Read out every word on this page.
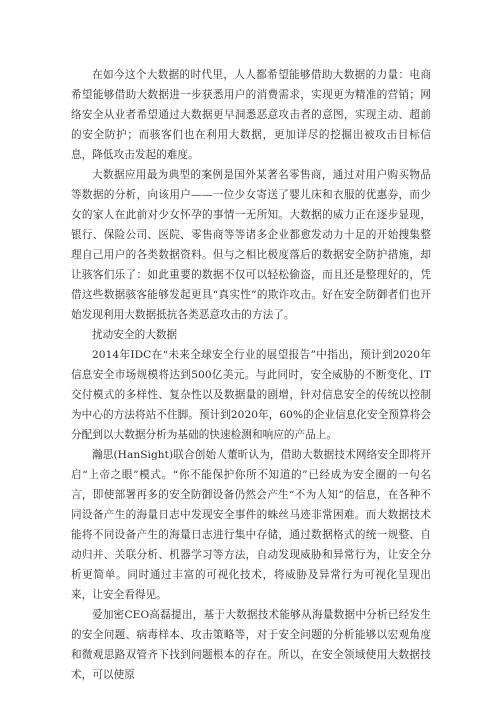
在如今这个大数据的时代里，人人都希望能够借助大数据的力量：电商希望能够借助大数据进一步获悉用户的消费需求，实现更为精准的营销；网络安全从业者希望通过大数据更早洞悉恶意攻击者的意图，实现主动、超前的安全防护；而骇客们也在利用大数据，更加详尽的挖掘出被攻击目标信息，降低攻击发起的难度。

大数据应用最为典型的案例是国外某著名零售商，通过对用户购买物品等数据的分析，向该用户——一位少女寄送了婴儿床和衣服的优惠券，而少女的家人在此前对少女怀孕的事情一无所知。大数据的威力正在逐步显现，银行、保险公司、医院、零售商等等诸多企业都愈发动力十足的开始搜集整理自己用户的各类数据资料。但与之相比极度落后的数据安全防护措施，却让骇客们乐了：如此重要的数据不仅可以轻松偷盗，而且还是整理好的，凭借这些数据骇客能够发起更具“真实性”的欺诈攻击。好在安全防御者们也开始发现利用大数据抵抗各类恶意攻击的方法了。

扰动安全的大数据

2014年IDC在“未来全球安全行业的展望报告”中指出，预计到2020年信息安全市场规模将达到500亿美元。与此同时，安全威胁的不断变化、IT交付模式的多样性、复杂性以及数据量的剧增，针对信息安全的传统以控制为中心的方法将站不住脚。预计到2020年，60%的企业信息化安全预算将会分配到以大数据分析为基础的快速检测和响应的产品上。

瀚思(HanSight)联合创始人董昕认为，借助大数据技术网络安全即将开启“上帝之眼”模式。“你不能保护你所不知道的”已经成为安全圈的一句名言，即使部署再多的安全防御设备仍然会产生“不为人知”的信息，在各种不同设备产生的海量日志中发现安全事件的蛛丝马迹非常困难。而大数据技术能将不同设备产生的海量日志进行集中存储，通过数据格式的统一规整、自动归并、关联分析、机器学习等方法，自动发现威胁和异常行为，让安全分析更简单。同时通过丰富的可视化技术，将威胁及异常行为可视化呈现出来，让安全看得见。

爱加密CEO高磊提出，基于大数据技术能够从海量数据中分析已经发生的安全问题、病毒样本、攻击策略等，对于安全问题的分析能够以宏观角度和微观思路双管齐下找到问题根本的存在。所以，在安全领域使用大数据技术，可以使原
